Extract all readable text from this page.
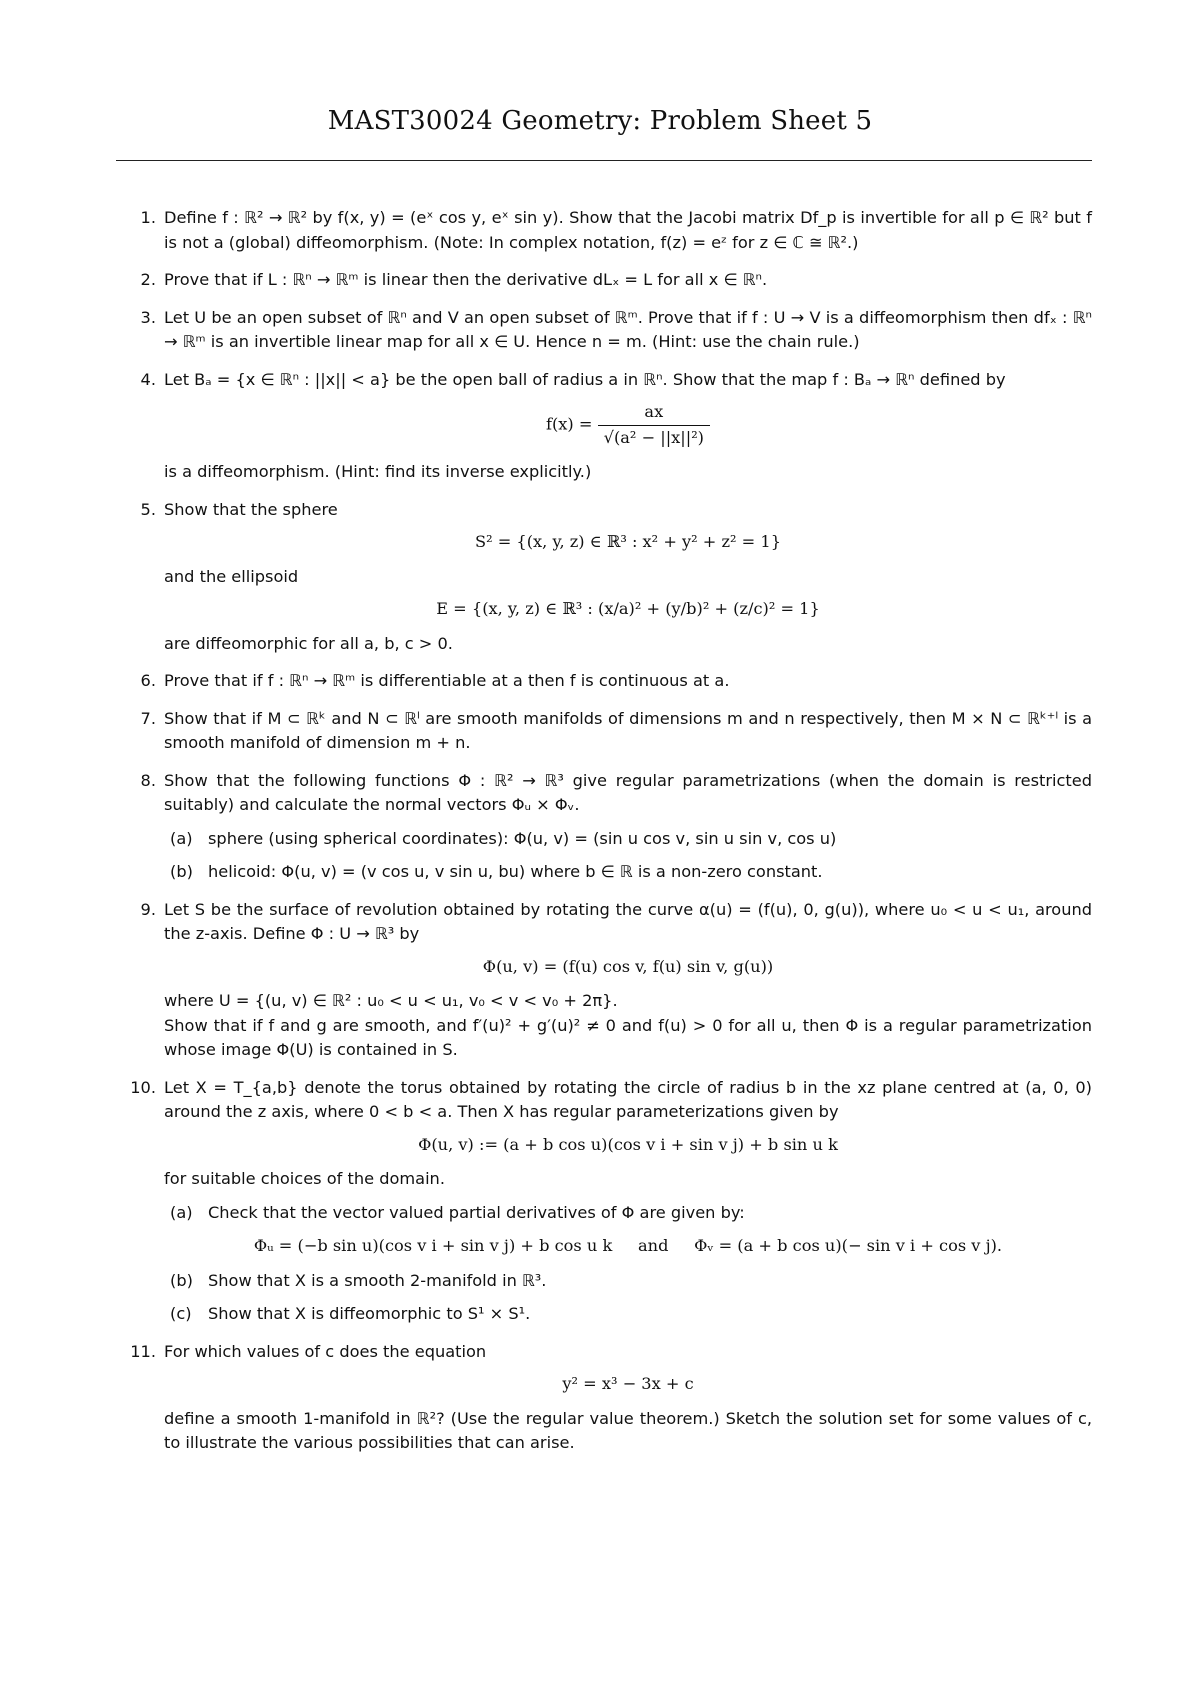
MAST30024 Geometry: Problem Sheet 5
1. Define f : ℝ² → ℝ² by f(x, y) = (eˣ cos y, eˣ sin y). Show that the Jacobi matrix Df_p is invertible for all p ∈ ℝ² but f is not a (global) diffeomorphism. (Note: In complex notation, f(z) = eᶻ for z ∈ ℂ ≅ ℝ².)

2. Prove that if L : ℝⁿ → ℝᵐ is linear then the derivative dLₓ = L for all x ∈ ℝⁿ.

3. Let U be an open subset of ℝⁿ and V an open subset of ℝᵐ. Prove that if f : U → V is a diffeomorphism then dfₓ : ℝⁿ → ℝᵐ is an invertible linear map for all x ∈ U. Hence n = m. (Hint: use the chain rule.)

4. Let Bₐ = {x ∈ ℝⁿ : ||x|| < a} be the open ball of radius a in ℝⁿ. Show that the map f : Bₐ → ℝⁿ defined by

$f(x) = \frac{ax}{\text{√(a² − ||x||²)}}$

is a diffeomorphism. (Hint: find its inverse explicitly.)

5. Show that the sphere

S² = {(x, y, z) ∈ ℝ³ : x² + y² + z² = 1}

and the ellipsoid

E = {(x, y, z) ∈ ℝ³ : (x/a)² + (y/b)² + (z/c)² = 1}

are diffeomorphic for all a, b, c > 0.

6. Prove that if f : ℝⁿ → ℝᵐ is differentiable at a then f is continuous at a.

7. Show that if M ⊂ ℝᵏ and N ⊂ ℝˡ are smooth manifolds of dimensions m and n respectively, then M × N ⊂ ℝᵏ⁺ˡ is a smooth manifold of dimension m + n.

8. Show that the following functions Φ : ℝ² → ℝ³ give regular parametrizations (when the domain is restricted suitably) and calculate the normal vectors Φᵤ × Φᵥ.

(a) sphere (using spherical coordinates): Φ(u, v) = (sin u cos v, sin u sin v, cos u)
(b) helicoid: Φ(u, v) = (v cos u, v sin u, bu) where b ∈ ℝ is a non-zero constant.
9. Let S be the surface of revolution obtained by rotating the curve α(u) = (f(u), 0, g(u)), where u₀ < u < u₁, around the z-axis. Define Φ : U → ℝ³ by

Φ(u, v) = (f(u) cos v, f(u) sin v, g(u))

where U = {(u, v) ∈ ℝ² : u₀ < u < u₁, v₀ < v < v₀ + 2π}.

Show that if f and g are smooth, and f′(u)² + g′(u)² ≠ 0 and f(u) > 0 for all u, then Φ is a regular parametrization whose image Φ(U) is contained in S.

10. Let X = T_{a,b} denote the torus obtained by rotating the circle of radius b in the xz plane centred at (a, 0, 0) around the z axis, where 0 < b < a. Then X has regular parameterizations given by

Φ(u, v) := (a + b cos u)(cos v i + sin v j) + b sin u k

for suitable choices of the domain.

(a) Check that the vector valued partial derivatives of Φ are given by:
Φᵤ = (−b sin u)(cos v i + sin v j) + b cos u k     and     Φᵥ = (a + b cos u)(− sin v i + cos v j).
(b) Show that X is a smooth 2-manifold in ℝ³.
(c) Show that X is diffeomorphic to S¹ × S¹.
11. For which values of c does the equation

y² = x³ − 3x + c

define a smooth 1-manifold in ℝ²? (Use the regular value theorem.) Sketch the solution set for some values of c, to illustrate the various possibilities that can arise.
